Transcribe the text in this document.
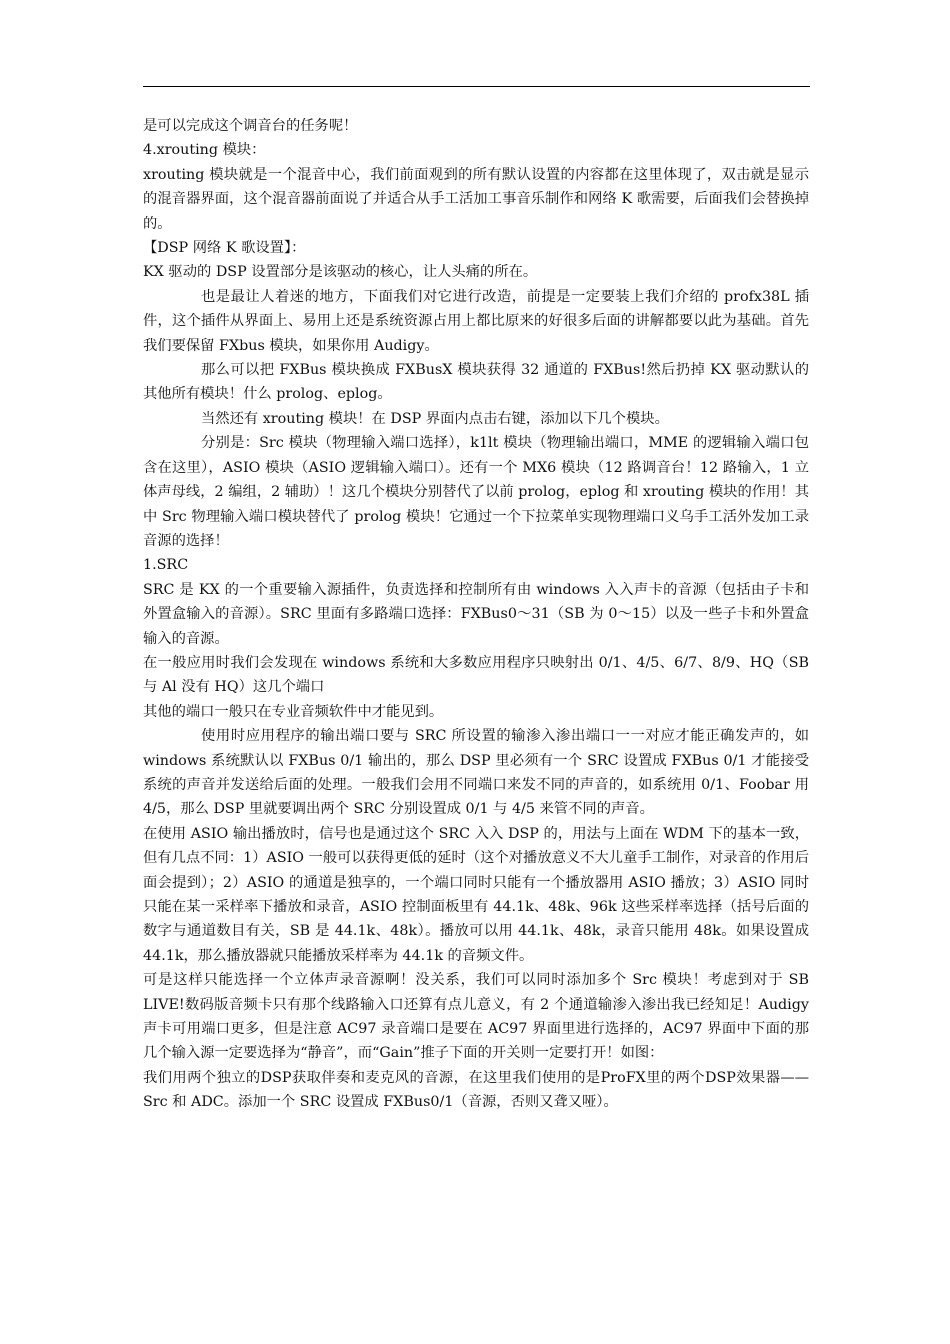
是可以完成这个调音台的任务呢！

4.xrouting 模块：

xrouting 模块就是一个混音中心，我们前面观到的所有默认设置的内容都在这里体现了，双击就是显示的混音器界面，这个混音器前面说了并适合从手工活加工事音乐制作和网络 K 歌需要，后面我们会替换掉的。

【DSP 网络 K 歌设置】：

KX 驱动的 DSP 设置部分是该驱动的核心，让人头痛的所在。

也是最让人着迷的地方，下面我们对它进行改造，前提是一定要装上我们介绍的 profx38L 插件，这个插件从界面上、易用上还是系统资源占用上都比原来的好很多后面的讲解都要以此为基础。首先我们要保留 FXbus 模块，如果你用 Audigy。

那么可以把 FXBus 模块换成 FXBusX 模块获得 32 通道的 FXBus!然后扔掉 KX 驱动默认的其他所有模块！什么 prolog、eplog。

当然还有 xrouting 模块！在 DSP 界面内点击右键，添加以下几个模块。

分别是：Src 模块（物理输入端口选择），k1lt 模块（物理输出端口，MME 的逻辑输入端口包含在这里），ASIO 模块（ASIO 逻辑输入端口）。还有一个 MX6 模块（12 路调音台！12 路输入，1 立体声母线，2 编组，2 辅助）！这几个模块分别替代了以前 prolog，eplog 和 xrouting 模块的作用！其中 Src 物理输入端口模块替代了 prolog 模块！它通过一个下拉菜单实现物理端口义乌手工活外发加工录音源的选择！

1.SRC

SRC 是 KX 的一个重要输入源插件，负责选择和控制所有由 windows 入入声卡的音源（包括由子卡和外置盒输入的音源）。SRC 里面有多路端口选择：FXBus0～31（SB 为 0～15）以及一些子卡和外置盒输入的音源。

在一般应用时我们会发现在 windows 系统和大多数应用程序只映射出 0/1、4/5、6/7、8/9、HQ（SB 与 Al 没有 HQ）这几个端口

其他的端口一般只在专业音频软件中才能见到。

使用时应用程序的输出端口要与 SRC 所设置的输渗入渗出端口一一对应才能正确发声的，如 windows 系统默认以 FXBus 0/1 输出的，那么 DSP 里必须有一个 SRC 设置成 FXBus 0/1 才能接受系统的声音并发送给后面的处理。一般我们会用不同端口来发不同的声音的，如系统用 0/1、Foobar 用 4/5，那么 DSP 里就要调出两个 SRC 分别设置成 0/1 与 4/5 来管不同的声音。

在使用 ASIO 输出播放时，信号也是通过这个 SRC 入入 DSP 的，用法与上面在 WDM 下的基本一致，但有几点不同：1）ASIO 一般可以获得更低的延时（这个对播放意义不大儿童手工制作，对录音的作用后面会提到）；2）ASIO 的通道是独享的，一个端口同时只能有一个播放器用 ASIO 播放；3）ASIO 同时只能在某一采样率下播放和录音，ASIO 控制面板里有 44.1k、48k、96k 这些采样率选择（括号后面的数字与通道数目有关，SB 是 44.1k、48k）。播放可以用 44.1k、48k，录音只能用 48k。如果设置成 44.1k，那么播放器就只能播放采样率为 44.1k 的音频文件。

可是这样只能选择一个立体声录音源啊！没关系，我们可以同时添加多个 Src 模块！考虑到对于 SB LIVE!数码版音频卡只有那个线路输入口还算有点儿意义，有 2 个通道输渗入渗出我已经知足！Audigy 声卡可用端口更多，但是注意 AC97 录音端口是要在 AC97 界面里进行选择的，AC97 界面中下面的那几个输入源一定要选择为“静音”，而“Gain”推子下面的开关则一定要打开！如图：

我们用两个独立的DSP获取伴奏和麦克风的音源，在这里我们使用的是ProFX里的两个DSP效果器——Src 和 ADC。添加一个 SRC 设置成 FXBus0/1（音源，否则又聋又哑）。
